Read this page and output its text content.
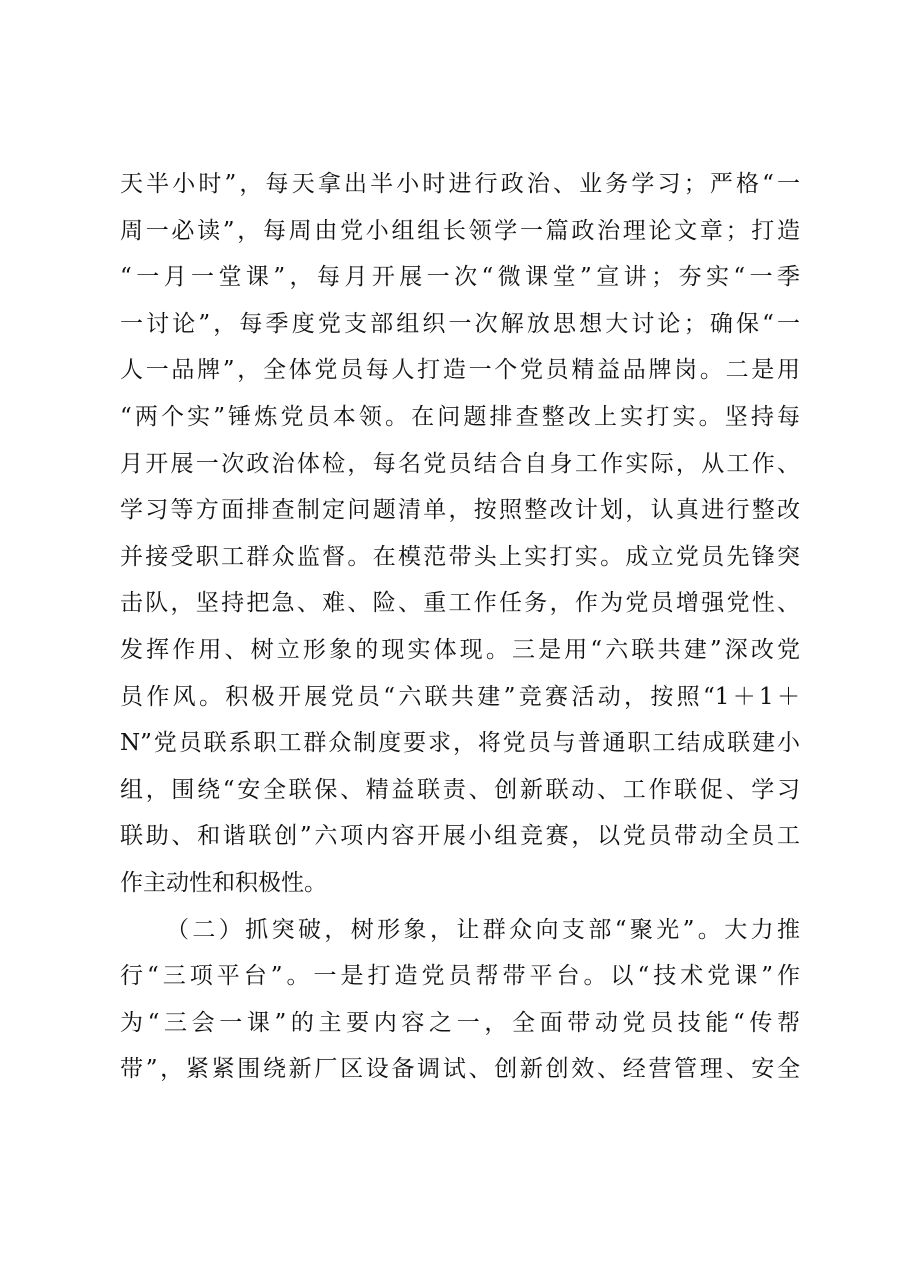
天半小时”，每天拿出半小时进行政治、业务学习；严格“一
周一必读”，每周由党小组组长领学一篇政治理论文章；打造
“一月一堂课”，每月开展一次“微课堂”宣讲；夯实“一季
一讨论”，每季度党支部组织一次解放思想大讨论；确保“一
人一品牌”，全体党员每人打造一个党员精益品牌岗。二是用
“两个实”锤炼党员本领。在问题排查整改上实打实。坚持每
月开展一次政治体检，每名党员结合自身工作实际，从工作、
学习等方面排查制定问题清单，按照整改计划，认真进行整改
并接受职工群众监督。在模范带头上实打实。成立党员先锋突
击队，坚持把急、难、险、重工作任务，作为党员增强党性、
发挥作用、树立形象的现实体现。三是用“六联共建”深改党
员作风。积极开展党员“六联共建”竞赛活动，按照“1＋1＋
N”党员联系职工群众制度要求，将党员与普通职工结成联建小
组，围绕“安全联保、精益联责、创新联动、工作联促、学习
联助、和谐联创”六项内容开展小组竞赛，以党员带动全员工
作主动性和积极性。
（二）抓突破，树形象，让群众向支部“聚光”。大力推
行“三项平台”。一是打造党员帮带平台。以“技术党课”作
为“三会一课”的主要内容之一，全面带动党员技能“传帮
带”，紧紧围绕新厂区设备调试、创新创效、经营管理、安全
